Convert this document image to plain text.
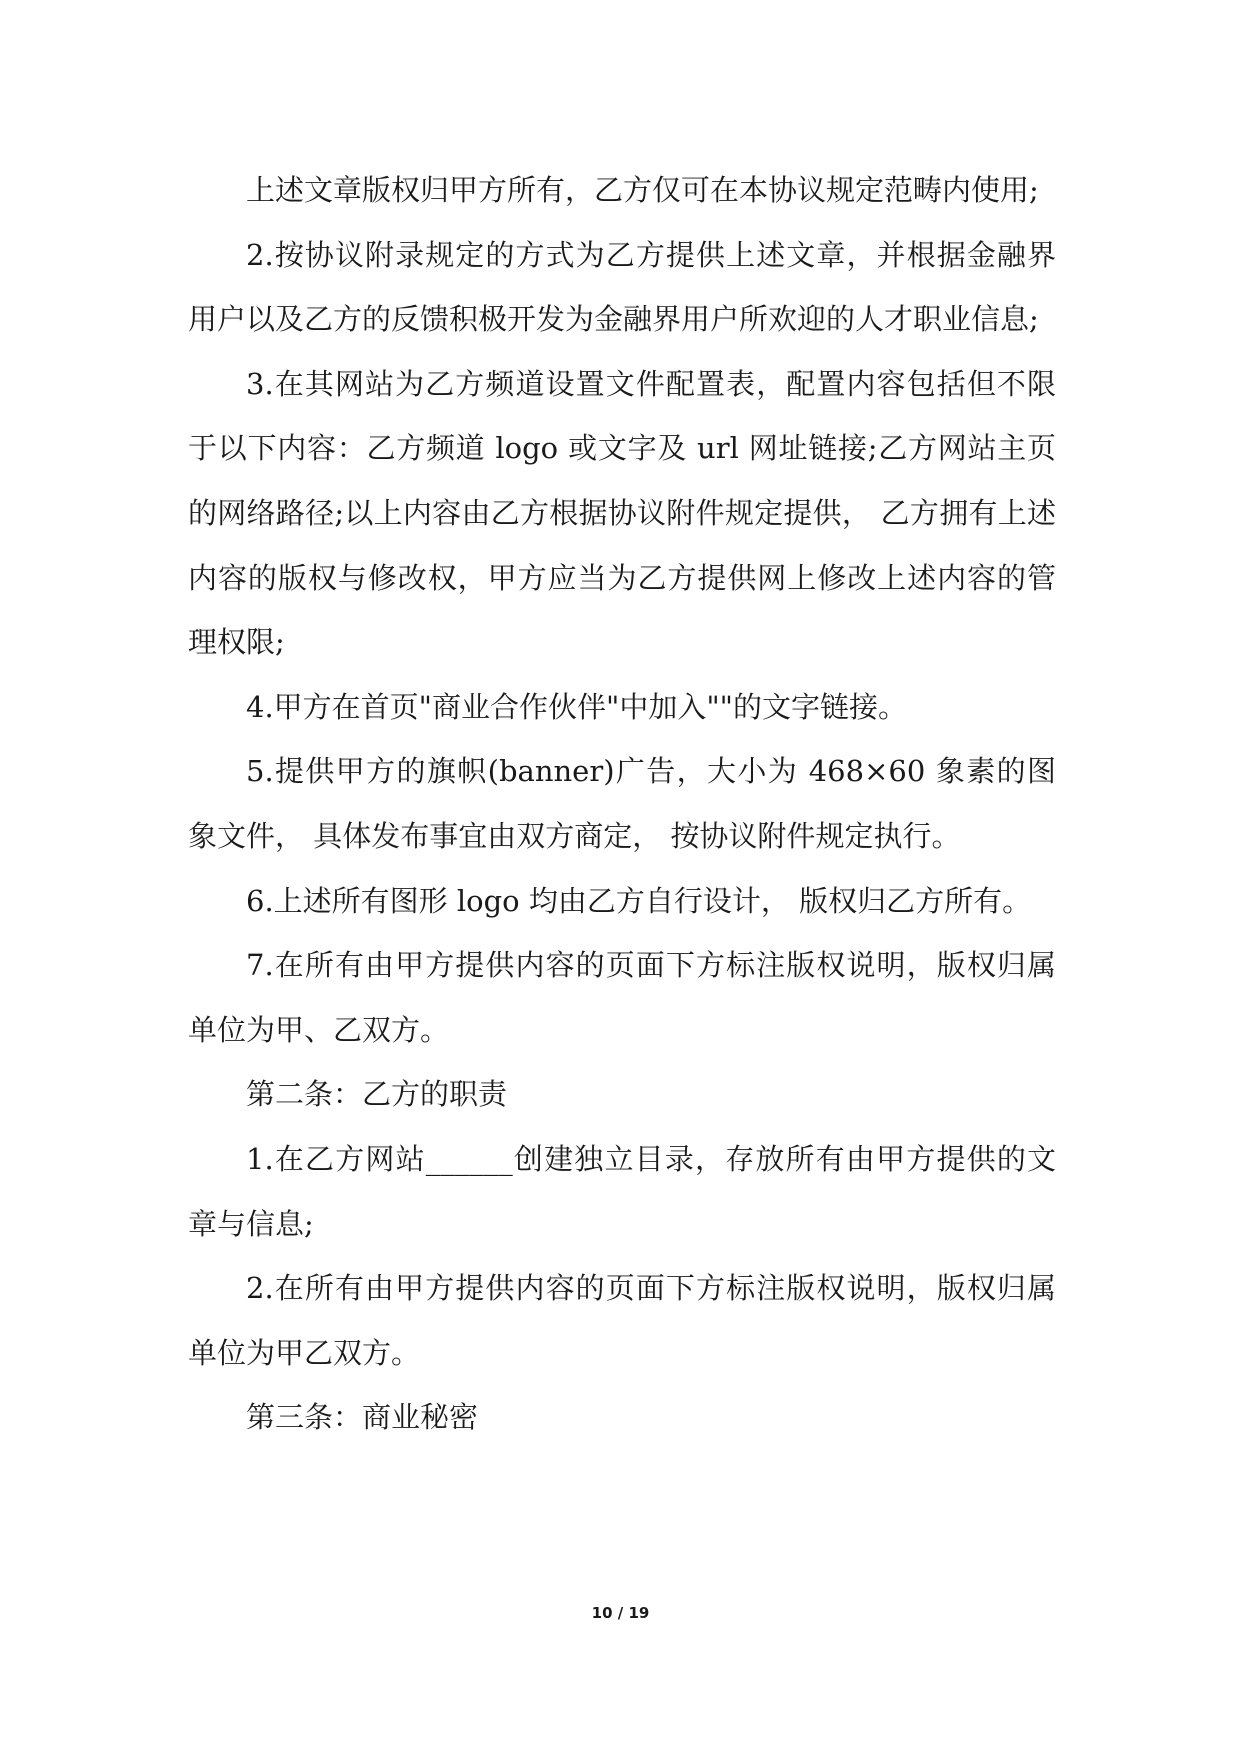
上述文章版权归甲方所有，乙方仅可在本协议规定范畴内使用;

2.按协议附录规定的方式为乙方提供上述文章，并根据金融界用户以及乙方的反馈积极开发为金融界用户所欢迎的人才职业信息;

3.在其网站为乙方频道设置文件配置表，配置内容包括但不限于以下内容：乙方频道 logo 或文字及 url 网址链接;乙方网站主页的网络路径;以上内容由乙方根据协议附件规定提供， 乙方拥有上述内容的版权与修改权，甲方应当为乙方提供网上修改上述内容的管理权限;

4.甲方在首页"商业合作伙伴"中加入""的文字链接。

5.提供甲方的旗帜(banner)广告，大小为 468×60 象素的图象文件， 具体发布事宜由双方商定， 按协议附件规定执行。

6.上述所有图形 logo 均由乙方自行设计， 版权归乙方所有。

7.在所有由甲方提供内容的页面下方标注版权说明，版权归属单位为甲、乙双方。

第二条：乙方的职责

1.在乙方网站______创建独立目录，存放所有由甲方提供的文章与信息;

2.在所有由甲方提供内容的页面下方标注版权说明，版权归属单位为甲乙双方。

第三条：商业秘密

10 / 19
